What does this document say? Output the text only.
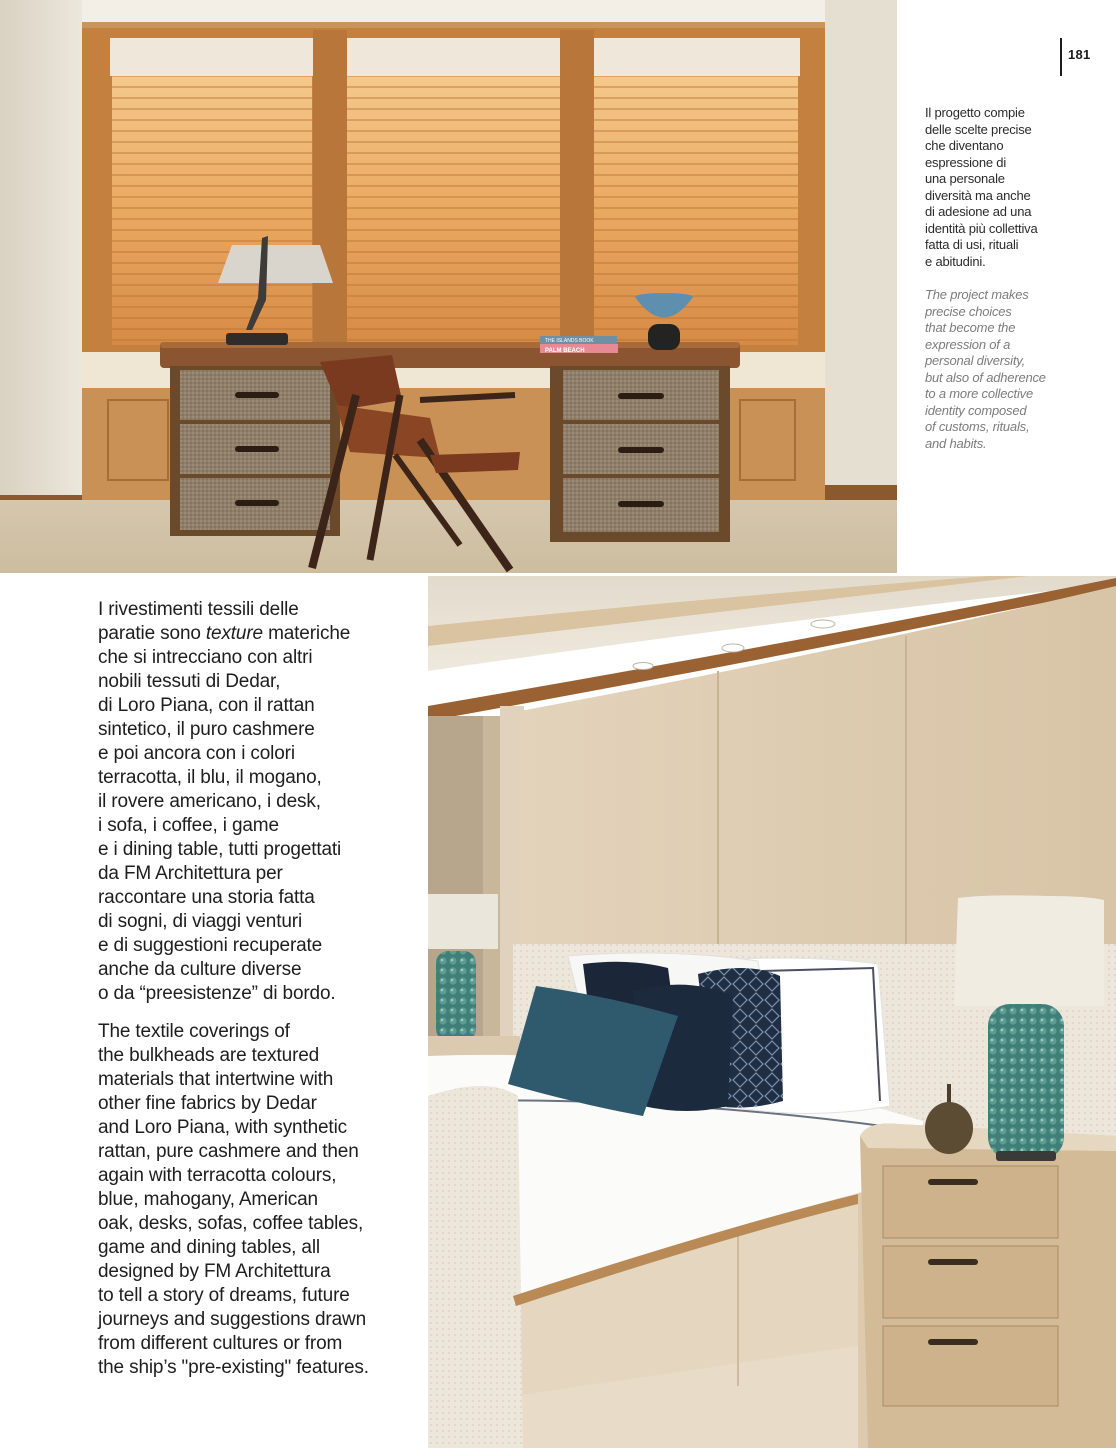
THE ISLANDS BOOK
PALM BEACH
181
Il progetto compie
delle scelte precise
che diventano
espressione di
una personale
diversità ma anche
di adesione ad una
identità più collettiva
fatta di usi, rituali
e abitudini.
The project makes
precise choices
that become the
expression of a
personal diversity,
but also of adherence
to a more collective
identity composed
of customs, rituals,
and habits.
I rivestimenti tessili delle
paratie sono texture materiche
che si intrecciano con altri
nobili tessuti di Dedar,
di Loro Piana, con il rattan
sintetico, il puro cashmere
e poi ancora con i colori
terracotta, il blu, il mogano,
il rovere americano, i desk,
i sofa, i coffee, i game
e i dining table, tutti progettati
da FM Architettura per
raccontare una storia fatta
di sogni, di viaggi venturi
e di suggestioni recuperate
anche da culture diverse
o da “preesistenze” di bordo.
The textile coverings of
the bulkheads are textured
materials that intertwine with
other fine fabrics by Dedar
and Loro Piana, with synthetic
rattan, pure cashmere and then
again with terracotta colours,
blue, mahogany, American
oak, desks, sofas, coffee tables,
game and dining tables, all
designed by FM Architettura
to tell a story of dreams, future
journeys and suggestions drawn
from different cultures or from
the ship’s "pre-existing" features.
